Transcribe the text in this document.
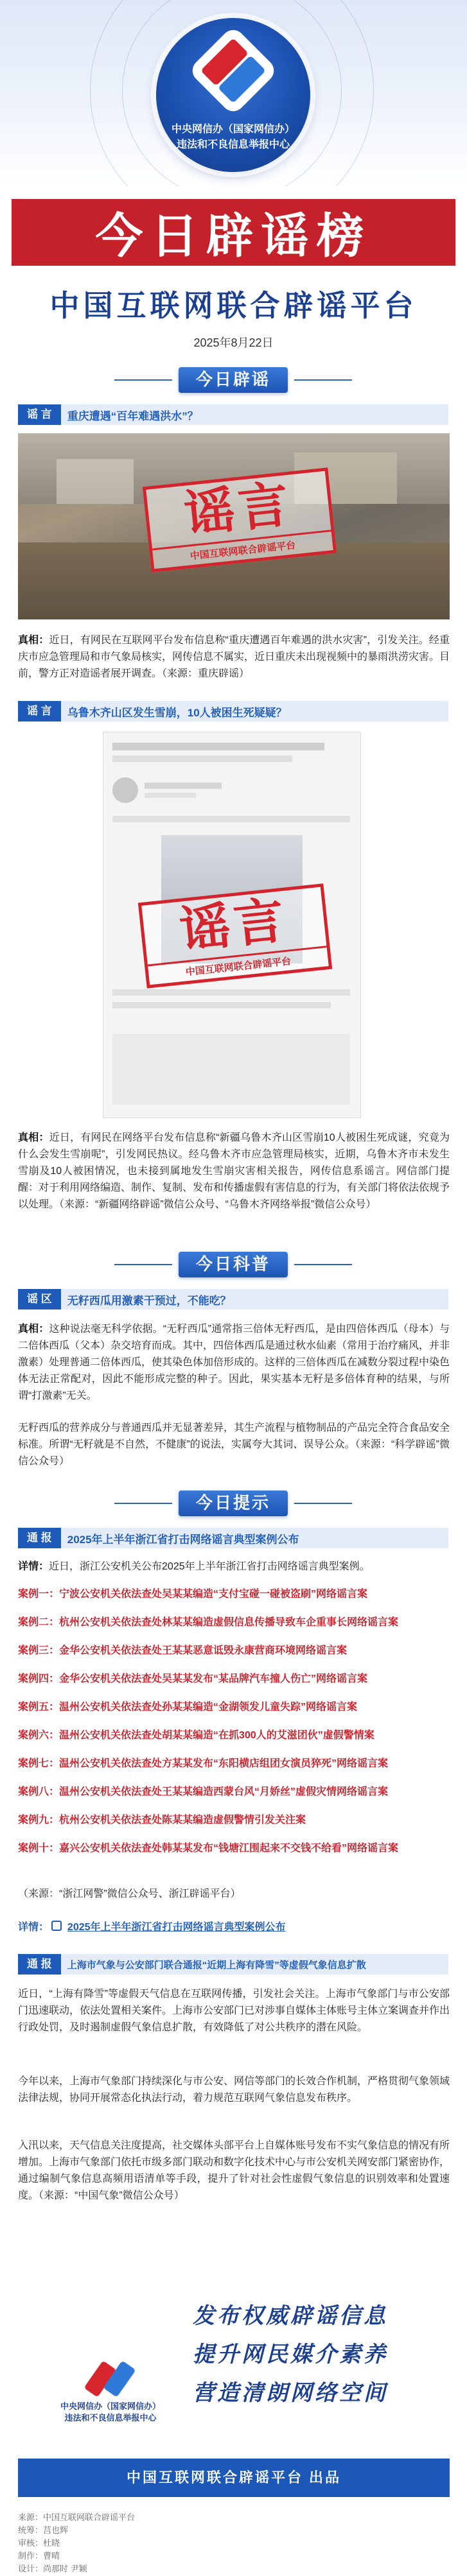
中央网信办（国家网信办）
违法和不良信息举报中心
今日辟谣榜
中国互联网联合辟谣平台
2025年8月22日
今日辟谣
谣 言	重庆遭遇“百年难遇洪水”？
谣言
中国互联网联合辟谣平台
真相：近日，有网民在互联网平台发布信息称“重庆遭遇百年难遇的洪水灾害”，引发关注。经重庆市应急管理局和市气象局核实，网传信息不属实，近日重庆未出现视频中的暴雨洪涝灾害。目前，警方正对造谣者展开调查。（来源：重庆辟谣）
谣 言	乌鲁木齐山区发生雪崩，10人被困生死疑疑？
谣言
中国互联网联合辟谣平台
真相：近日，有网民在网络平台发布信息称“新疆乌鲁木齐山区雪崩10人被困生死成谜，究竟为什么会发生雪崩呢”，引发网民热议。经乌鲁木齐市应急管理局核实，近期，乌鲁木齐市未发生雪崩及10人被困情况，也未接到属地发生雪崩灾害相关报告，网传信息系谣言。网信部门提醒：对于利用网络编造、制作、复制、发布和传播虚假有害信息的行为，有关部门将依法依规予以处理。（来源：“新疆网络辟谣”微信公众号、“乌鲁木齐网络举报”微信公众号）
今日科普
谣 区	无籽西瓜用激素干预过，不能吃？
真相：这种说法毫无科学依据。“无籽西瓜”通常指三倍体无籽西瓜，是由四倍体西瓜（母本）与二倍体西瓜（父本）杂交培育而成。其中，四倍体西瓜是通过秋水仙素（常用于治疗痛风，并非激素）处理普通二倍体西瓜，使其染色体加倍形成的。这样的三倍体西瓜在减数分裂过程中染色体无法正常配对，因此不能形成完整的种子。因此，果实基本无籽是多倍体育种的结果，与所谓“打激素”无关。
无籽西瓜的营养成分与普通西瓜并无显著差异，其生产流程与植物制品的产品完全符合食品安全标准。所谓“无籽就是不自然，不健康”的说法，实属夸大其词、误导公众。（来源：“科学辟谣”微信公众号）
今日提示
通 报	2025年上半年浙江省打击网络谣言典型案例公布
详情：近日，浙江公安机关公布2025年上半年浙江省打击网络谣言典型案例。
案例一：宁波公安机关依法查处吴某某编造“支付宝碰一碰被盗刷”网络谣言案
案例二：杭州公安机关依法查处林某某编造虚假信息传播导致车企重事长网络谣言案
案例三：金华公安机关依法查处王某某恶意诋毁永康营商环境网络谣言案
案例四：金华公安机关依法查处吴某某发布“某品牌汽车撞人伤亡”网络谣言案
案例五：温州公安机关依法查处孙某某编造“金湖领发儿童失踪”网络谣言案
案例六：温州公安机关依法查处胡某某编造“在抓300人的艾滋团伙”虚假警情案
案例七：温州公安机关依法查处方某某发布“东阳横店组团女演员猝死”网络谣言案
案例八：温州公安机关依法查处王某某编造西蒙台风“月娇丝”虚假灾情网络谣言案
案例九：杭州公安机关依法查处陈某某编造虚假警情引发关注案
案例十：嘉兴公安机关依法查处韩某某发布“钱塘江围起来不交钱不给看”网络谣言案
（来源：“浙江网警”微信公众号、浙江辟谣平台）
详情： 2025年上半年浙江省打击网络谣言典型案例公布
通 报	上海市气象与公安部门联合通报“近期上海有降雪”等虚假气象信息扩散
近日，“上海有降雪”等虚假天气信息在互联网传播，引发社会关注。上海市气象部门与市公安部门迅速联动，依法处置相关案件。上海市公安部门已对涉事自媒体主体账号主体立案调查并作出行政处罚，及时遏制虚假气象信息扩散，有效降低了对公共秩序的潜在风险。
今年以来，上海市气象部门持续深化与市公安、网信等部门的长效合作机制，严格贯彻气象领域法律法规，协同开展常态化执法行动，着力规范互联网气象信息发布秩序。
入汛以来，天气信息关注度提高，社交媒体头部平台上自媒体账号发布不实气象信息的情况有所增加。上海市气象部门依托市级多部门联动和数字化技术中心与市公安机关网安部门紧密协作，通过编制气象信息高频用语清单等手段，提升了针对社会性虚假气象信息的识别效率和处置速度。（来源：“中国气象”微信公众号）
发布权威辟谣信息
提升网民媒介素养
营造清朗网络空间
中央网信办（国家网信办）
违法和不良信息举报中心
中国互联网联合辟谣平台 出品
来源：中国互联网联合辟谣平台
统筹：莒也辉
审核：杜晓
制作：曹晴
设计：尚那时 尹颖
